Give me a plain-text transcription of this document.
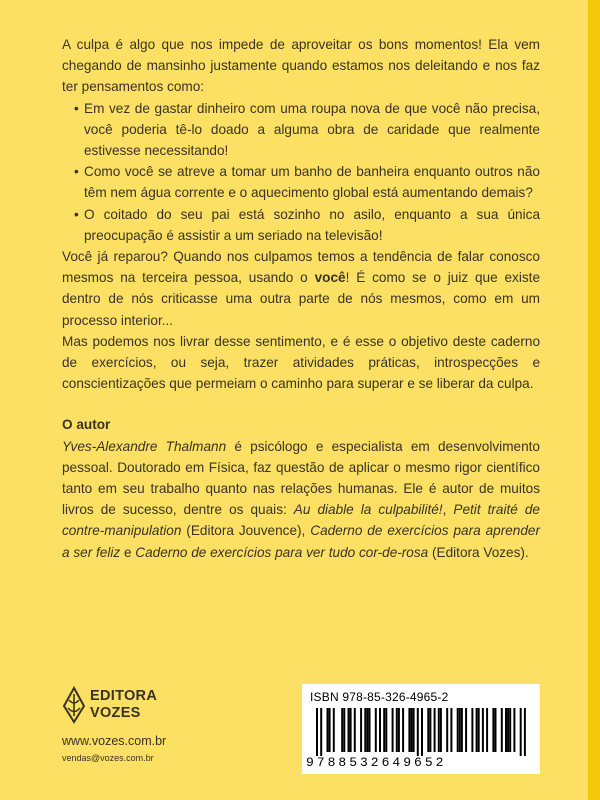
A culpa é algo que nos impede de aproveitar os bons momentos! Ela vem chegando de mansinho justamente quando estamos nos deleitando e nos faz ter pensamentos como:

• Em vez de gastar dinheiro com uma roupa nova de que você não precisa, você poderia tê-lo doado a alguma obra de caridade que realmente estivesse necessitando!

• Como você se atreve a tomar um banho de banheira enquanto outros não têm nem água corrente e o aquecimento global está aumentando demais?

• O coitado do seu pai está sozinho no asilo, enquanto a sua única preocupação é assistir a um seriado na televisão!

Você já reparou? Quando nos culpamos temos a tendência de falar conosco mesmos na terceira pessoa, usando o você! É como se o juiz que existe dentro de nós criticasse uma outra parte de nós mesmos, como em um processo interior...

Mas podemos nos livrar desse sentimento, e é esse o objetivo deste caderno de exercícios, ou seja, trazer atividades práticas, introspecções e conscientizações que permeiam o caminho para superar e se liberar da culpa.

O autor

Yves-Alexandre Thalmann é psicólogo e especialista em desenvolvimento pessoal. Doutorado em Física, faz questão de aplicar o mesmo rigor científico tanto em seu trabalho quanto nas relações humanas. Ele é autor de muitos livros de sucesso, dentre os quais: Au diable la culpabilité!, Petit traité de contre-manipulation (Editora Jouvence), Caderno de exercícios para aprender a ser feliz e Caderno de exercícios para ver tudo cor-de-rosa (Editora Vozes).

EDITORA
VOZES
www.vozes.com.br
vendas@vozes.com.br
ISBN 978-85-326-4965-2
9788532649652
